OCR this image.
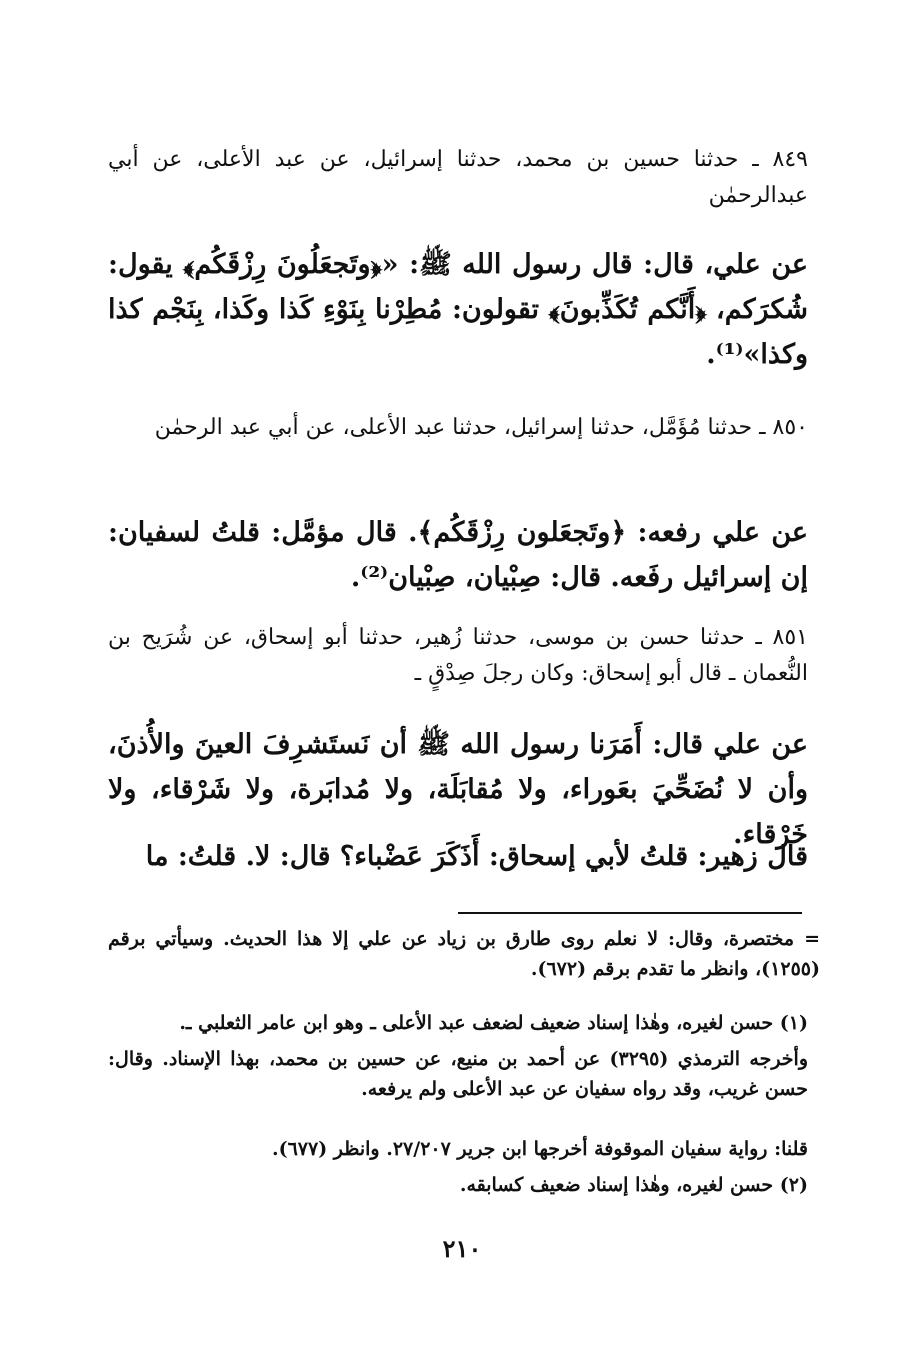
٨٤٩ ـ حدثنا حسين بن محمد، حدثنا إسرائيل، عن عبد الأعلى، عن أبي عبدالرحمٰن
عن علي، قال: قال رسول الله ﷺ: «﴿وتَجعَلُونَ رِزْقَكُم﴾ يقول: شُكرَكم، ﴿أَنَّكم تُكَذِّبونَ﴾ تقولون: مُطِرْنا بِنَوْءِ كَذا وكَذا، بِنَجْم كذا وكذا»⁽¹⁾.
٨٥٠ ـ حدثنا مُؤَمَّل، حدثنا إسرائيل، حدثنا عبد الأعلى، عن أبي عبد الرحمٰن
عن علي رفعه: ﴿وتَجعَلون رِزْقَكُم﴾. قال مؤمَّل: قلتُ لسفيان: إن إسرائيل رفَعه. قال: صِبْيان، صِبْيان⁽²⁾.
٨٥١ ـ حدثنا حسن بن موسى، حدثنا زُهير، حدثنا أبو إسحاق، عن شُرَيح بن النُّعمان ـ قال أبو إسحاق: وكان رجلَ صِدْقٍ ـ
عن علي قال: أَمَرَنا رسول الله ﷺ أن نَستَشرِفَ العينَ والأُذنَ، وأن لا نُضَحِّيَ بعَوراء، ولا مُقابَلَة، ولا مُدابَرة، ولا شَرْقاء، ولا خَرْقاء.
قال زهير: قلتُ لأبي إسحاق: أَذَكَرَ عَضْباء؟ قال: لا. قلتُ: ما
= مختصرة، وقال: لا نعلم روى طارق بن زياد عن علي إلا هذا الحديث. وسيأتي برقم (١٢٥٥)، وانظر ما تقدم برقم (٦٧٢).
(١) حسن لغيره، وهٰذا إسناد ضعيف لضعف عبد الأعلى ـ وهو ابن عامر الثعلبي ـ.
وأخرجه الترمذي (٣٢٩٥) عن أحمد بن منيع، عن حسين بن محمد، بهذا الإسناد. وقال: حسن غريب، وقد رواه سفيان عن عبد الأعلى ولم يرفعه.
قلنا: رواية سفيان الموقوفة أخرجها ابن جرير ٢٧/٢٠٧. وانظر (٦٧٧).
(٢) حسن لغيره، وهٰذا إسناد ضعيف كسابقه.
٢١٠
